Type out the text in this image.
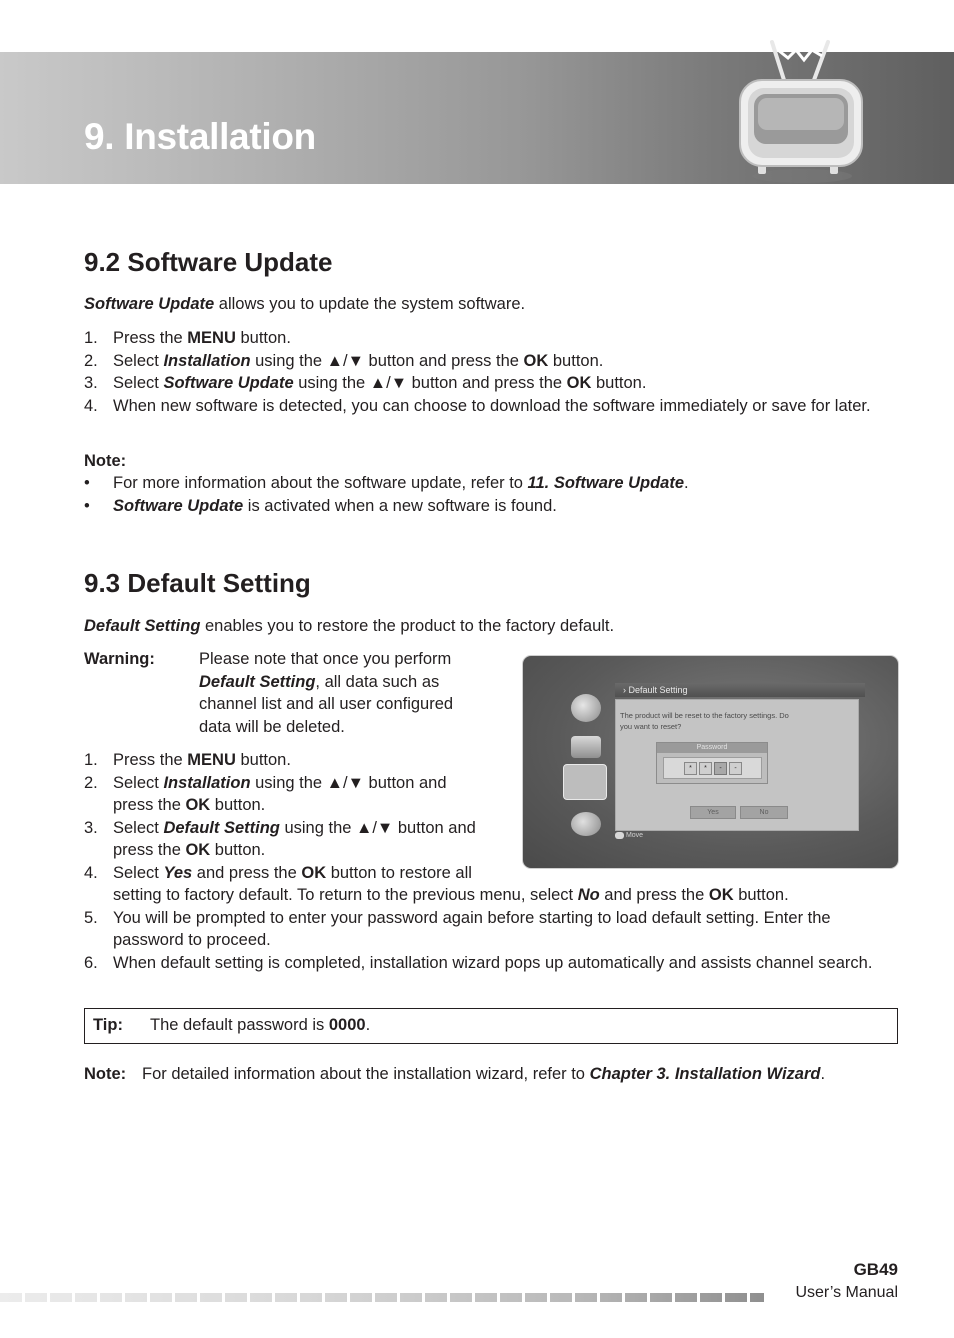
9. Installation
9.2 Software Update
Software Update allows you to update the system software.
1. Press the MENU button.
2. Select Installation using the ▲/▼ button and press the OK button.
3. Select Software Update using the ▲/▼ button and press the OK button.
4. When new software is detected, you can choose to download the software immediately or save for later.
Note:
• For more information about the software update, refer to 11. Software Update.
• Software Update is activated when a new software is found.
9.3 Default Setting
Default Setting enables you to restore the product to the factory default.
Warning:	Please note that once you perform
Default Setting, all data such as
channel list and all user configured
data will be deleted.
1. Press the MENU button.
2. Select Installation using the ▲/▼ button and
press the OK button.
3. Select Default Setting using the ▲/▼ button and
press the OK button.
4. Select Yes and press the OK button to restore all
setting to factory default. To return to the previous menu, select No and press the OK button.
5. You will be prompted to enter your password again before starting to load default setting. Enter the password to proceed.
6. When default setting is completed, installation wizard pops up automatically and assists channel search.
Tip: The default password is 0000.
Note: For detailed information about the installation wizard, refer to Chapter 3. Installation Wizard.
› Default Setting
The product will be reset to the factory settings. Do
you want to reset?
Password
*	*	-	-
Yes	No
Move
GB49
User’s Manual
